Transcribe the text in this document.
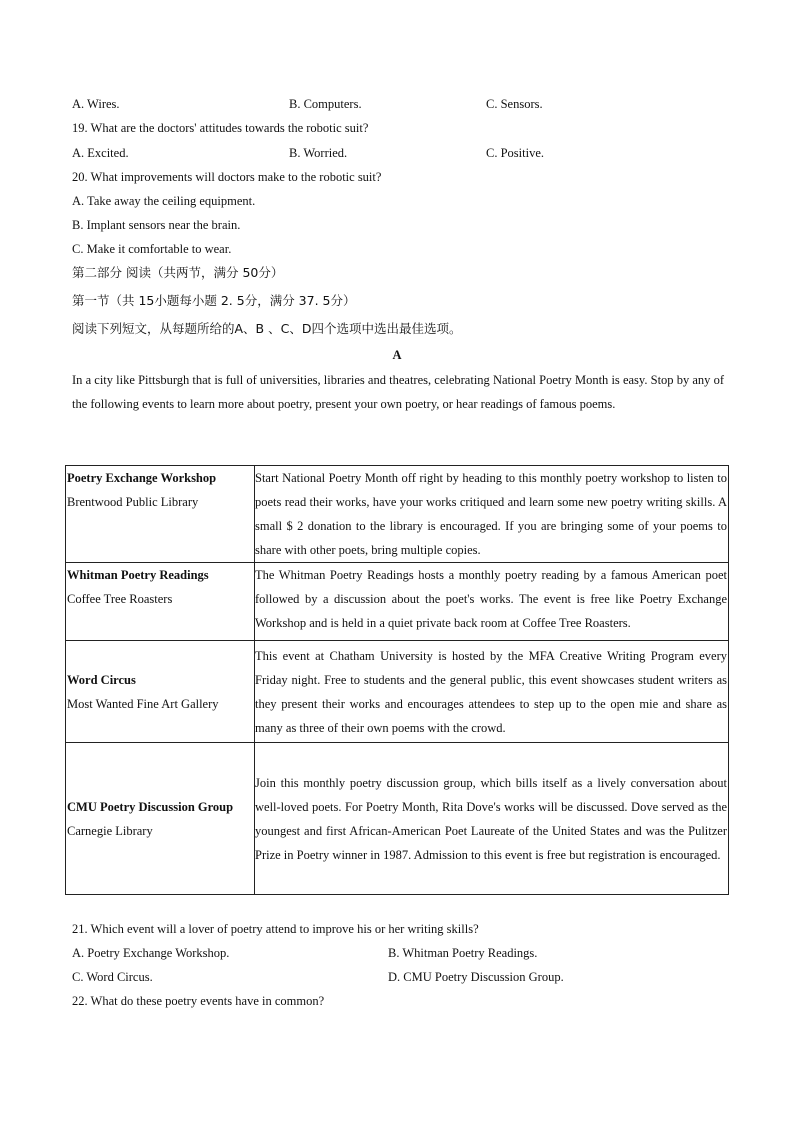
A. Wires.	B. Computers.	C. Sensors.
19. What are the doctors' attitudes towards the robotic suit?
A. Excited.	B. Worried.	C. Positive.
20. What improvements will doctors make to the robotic suit?
A. Take away the ceiling equipment.
B. Implant sensors near the brain.
C. Make it comfortable to wear.
第二部分 阅读（共两节，满分 50分）
第一节（共 15小题每小题 2. 5分，满分 37. 5分）
阅读下列短文，从每题所给的A、B 、C、D四个选项中选出最佳选项。
A
In a city like Pittsburgh that is full of universities, libraries and theatres, celebrating National Poetry Month is easy. Stop by any of the following events to learn more about poetry, present your own poetry, or hear readings of famous poems.
Poetry Exchange Workshop
Brentwood Public Library	Start National Poetry Month off right by heading to this monthly poetry workshop to listen to poets read their works, have your works critiqued and learn some new poetry writing skills. A small $ 2 donation to the library is encouraged. If you are bringing some of your poems to share with other poets, bring multiple copies.

Whitman Poetry Readings
Coffee Tree Roasters	The Whitman Poetry Readings hosts a monthly poetry reading by a famous American poet followed by a discussion about the poet's works. The event is free like Poetry Exchange Workshop and is held in a quiet private back room at Coffee Tree Roasters.

Word Circus
Most Wanted Fine Art Gallery	This event at Chatham University is hosted by the MFA Creative Writing Program every Friday night. Free to students and the general public, this event showcases student writers as they present their works and encourages attendees to step up to the open mie and share as many as three of their own poems with the crowd.

CMU Poetry Discussion Group
Carnegie Library	Join this monthly poetry discussion group, which bills itself as a lively conversation about well-loved poets. For Poetry Month, Rita Dove's works will be discussed. Dove served as the youngest and first African-American Poet Laureate of the United States and was the Pulitzer Prize in Poetry winner in 1987. Admission to this event is free but registration is encouraged.
21. Which event will a lover of poetry attend to improve his or her writing skills?
A. Poetry Exchange Workshop.	B. Whitman Poetry Readings.
C. Word Circus.	D. CMU Poetry Discussion Group.
22. What do these poetry events have in common?
